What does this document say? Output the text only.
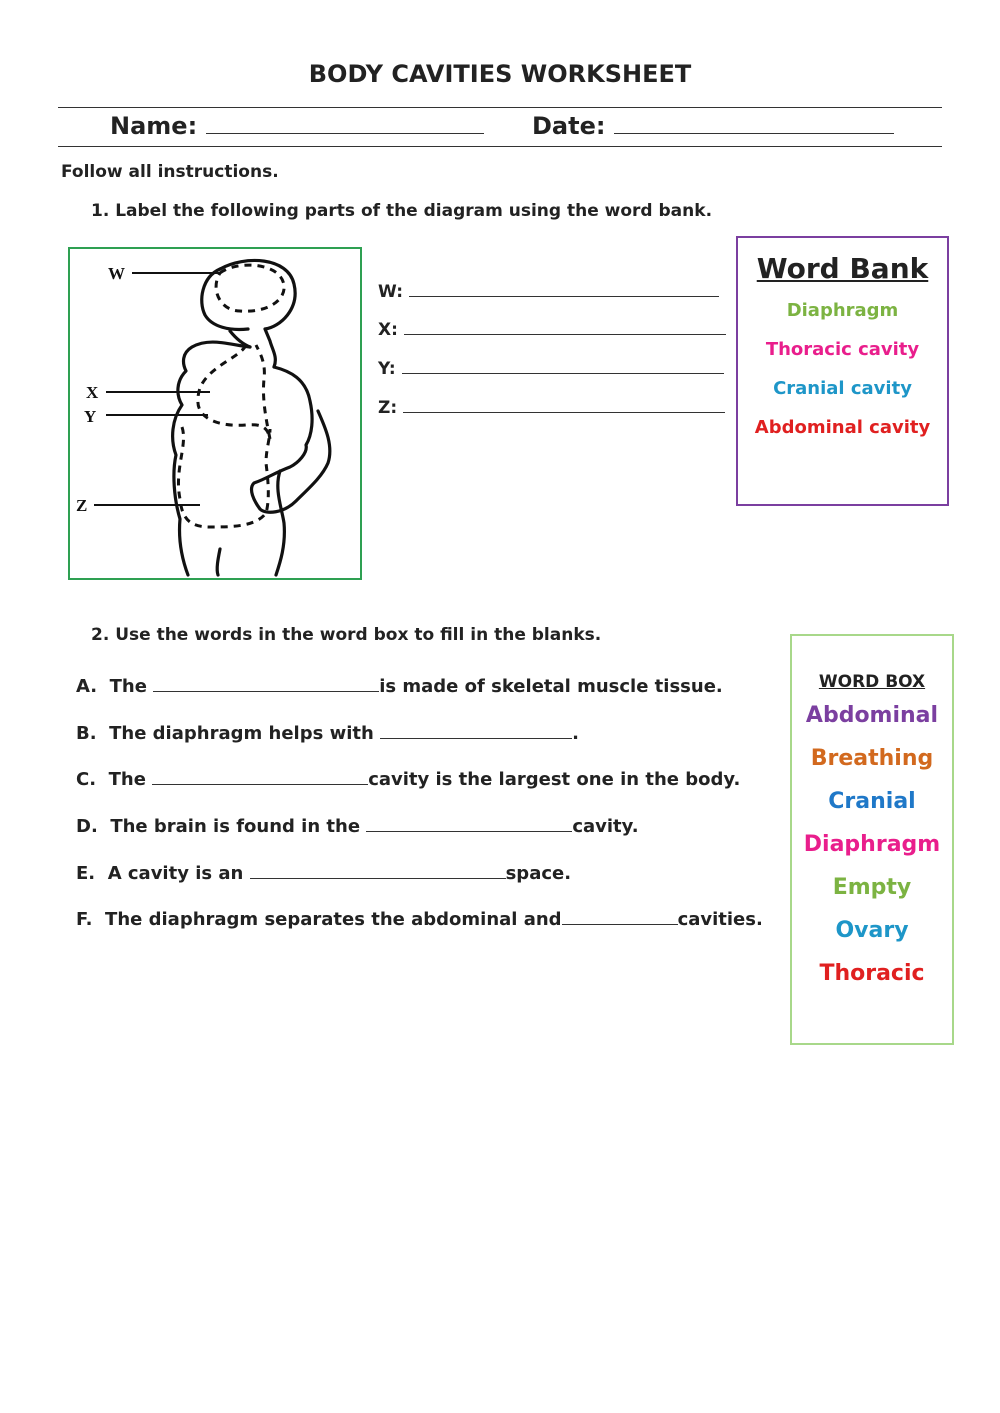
BODY CAVITIES WORKSHEET
Name:	Date:
Follow all instructions.
1. Label the following parts of the diagram using the word bank.
W
X
Y
Z
W:
X:
Y:
Z:
Word Bank
Diaphragm
Thoracic cavity
Cranial cavity
Abdominal cavity
2. Use the words in the word box to fill in the blanks.
A. The	is made of skeletal muscle tissue.
B. The diaphragm helps with	.
C. The	cavity is the largest one in the body.
D. The brain is found in the	cavity.
E. A cavity is an	space.
F. The diaphragm separates the abdominal and	cavities.
WORD BOX
Abdominal
Breathing
Cranial
Diaphragm
Empty
Ovary
Thoracic
